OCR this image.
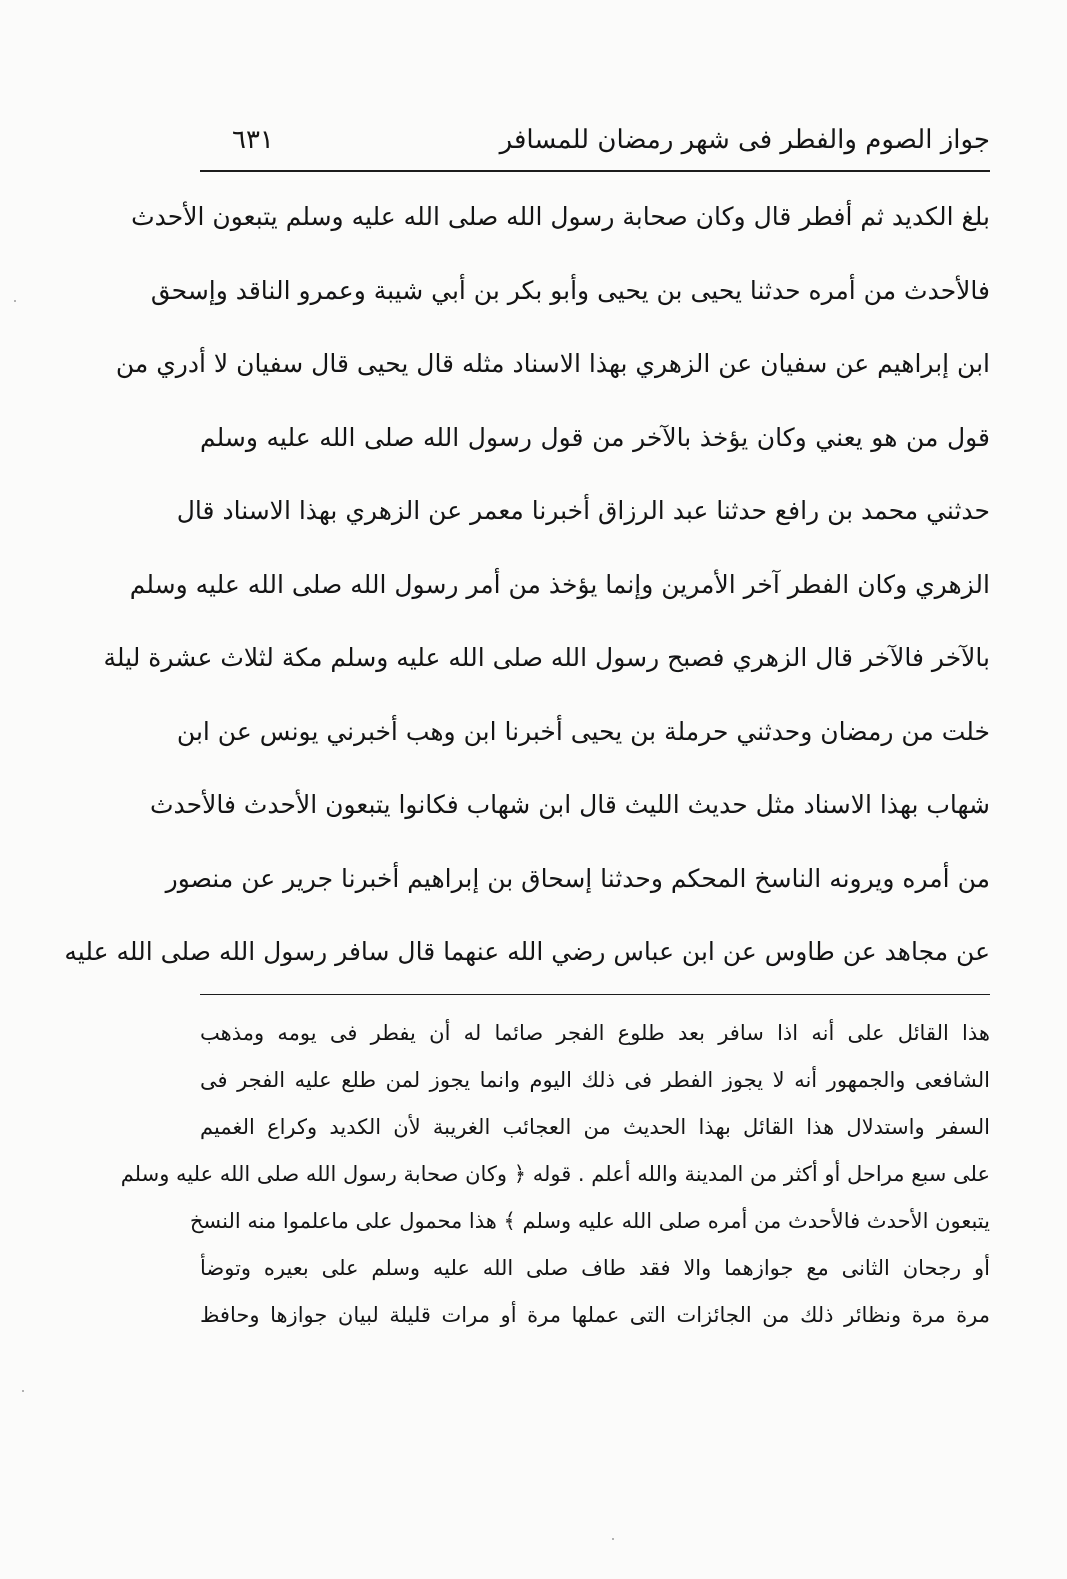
جواز الصوم والفطر فی شهر رمضان للمسافر
٦٣١
بلغ الكديد ثم أفطر قال وكان صحابة رسول الله صلى الله عليه وسلم يتبعون الأحدث
فالأحدث من أمره حدثنا يحيى بن يحيى وأبو بكر بن أبي شيبة وعمرو الناقد وإسحق
ابن إبراهيم عن سفيان عن الزهري بهذا الاسناد مثله قال يحيى قال سفيان لا أدري من
قول من هو يعني وكان يؤخذ بالآخر من قول رسول الله صلى الله عليه وسلم
حدثني محمد بن رافع حدثنا عبد الرزاق أخبرنا معمر عن الزهري بهذا الاسناد قال
الزهري وكان الفطر آخر الأمرين وإنما يؤخذ من أمر رسول الله صلى الله عليه وسلم
بالآخر فالآخر قال الزهري فصبح رسول الله صلى الله عليه وسلم مكة لثلاث عشرة ليلة
خلت من رمضان وحدثني حرملة بن يحيى أخبرنا ابن وهب أخبرني يونس عن ابن
شهاب بهذا الاسناد مثل حديث الليث قال ابن شهاب فكانوا يتبعون الأحدث فالأحدث
من أمره ويرونه الناسخ المحكم وحدثنا إسحاق بن إبراهيم أخبرنا جرير عن منصور
عن مجاهد عن طاوس عن ابن عباس رضي الله عنهما قال سافر رسول الله صلى الله عليه
هذا القائل على أنه اذا سافر بعد طلوع الفجر صائما له أن يفطر فى يومه ومذهب
الشافعى والجمهور أنه لا يجوز الفطر فى ذلك اليوم وانما يجوز لمن طلع عليه الفجر فى
السفر واستدلال هذا القائل بهذا الحديث من العجائب الغريبة لأن الكديد وكراع الغميم
على سبع مراحل أو أكثر من المدينة والله أعلم . قوله ﴿ وكان صحابة رسول الله صلى الله عليه وسلم
يتبعون الأحدث فالأحدث من أمره صلى الله عليه وسلم ﴾ هذا محمول على ماعلموا منه النسخ
أو رجحان الثانى مع جوازهما والا فقد طاف صلى الله عليه وسلم على بعيره وتوضأ
مرة مرة ونظائر ذلك من الجائزات التى عملها مرة أو مرات قليلة لبيان جوازها وحافظ
